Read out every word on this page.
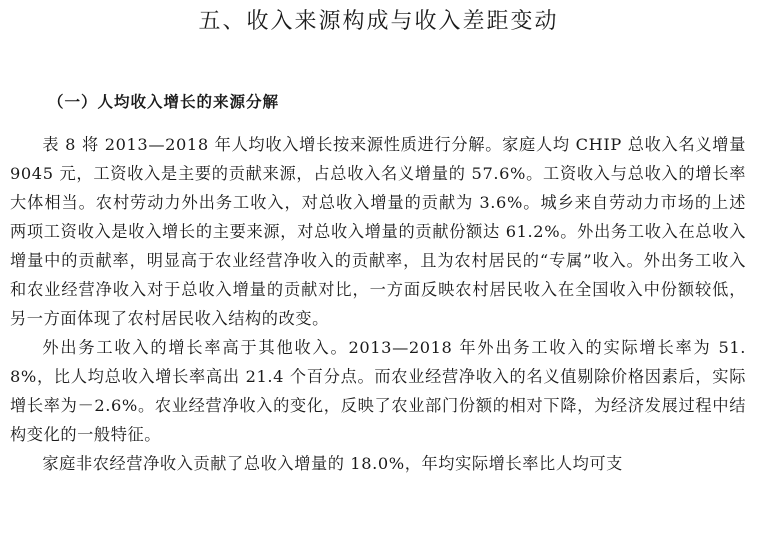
五、收入来源构成与收入差距变动
（一）人均收入增长的来源分解

表 8 将 2013—2018 年人均收入增长按来源性质进行分解。家庭人均 CHIP 总收入名义增量 9045 元，工资收入是主要的贡献来源，占总收入名义增量的 57.6%。工资收入与总收入的增长率大体相当。农村劳动力外出务工收入，对总收入增量的贡献为 3.6%。城乡来自劳动力市场的上述两项工资收入是收入增长的主要来源，对总收入增量的贡献份额达 61.2%。外出务工收入在总收入增量中的贡献率，明显高于农业经营净收入的贡献率，且为农村居民的“专属”收入。外出务工收入和农业经营净收入对于总收入增量的贡献对比，一方面反映农村居民收入在全国收入中份额较低，另一方面体现了农村居民收入结构的改变。

外出务工收入的增长率高于其他收入。2013—2018 年外出务工收入的实际增长率为 51.8%，比人均总收入增长率高出 21.4 个百分点。而农业经营净收入的名义值剔除价格因素后，实际增长率为－2.6%。农业经营净收入的变化，反映了农业部门份额的相对下降，为经济发展过程中结构变化的一般特征。

家庭非农经营净收入贡献了总收入增量的 18.0%，年均实际增长率比人均可支
